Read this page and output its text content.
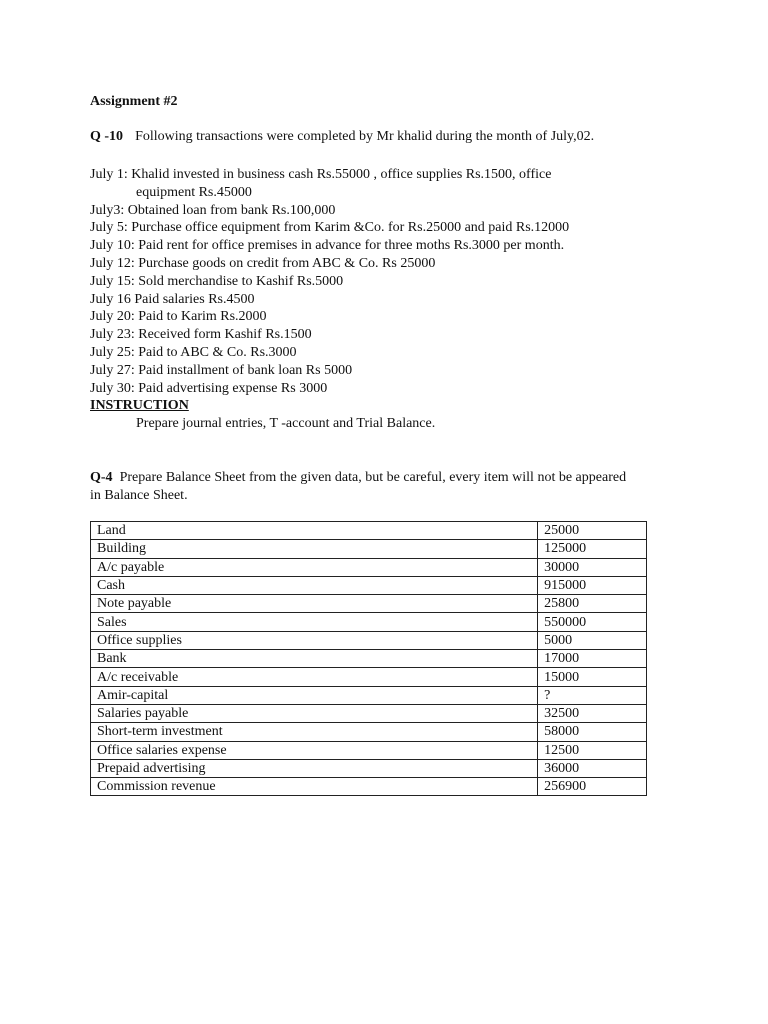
Assignment #2
Q -10 Following transactions were completed by Mr khalid during the month of July,02.
July 1: Khalid invested in business cash Rs.55000 , office supplies Rs.1500, office
equipment Rs.45000
July3: Obtained loan from bank Rs.100,000
July 5: Purchase office equipment from Karim &Co. for Rs.25000 and paid Rs.12000
July 10: Paid rent for office premises in advance for three moths Rs.3000 per month.
July 12: Purchase goods on credit from ABC & Co. Rs 25000
July 15: Sold merchandise to Kashif Rs.5000
July 16 Paid salaries Rs.4500
July 20: Paid to Karim Rs.2000
July 23: Received form Kashif Rs.1500
July 25: Paid to ABC & Co. Rs.3000
July 27: Paid installment of bank loan Rs 5000
July 30: Paid advertising expense Rs 3000
INSTRUCTION
Prepare journal entries, T -account and Trial Balance.
Q-4 Prepare Balance Sheet from the given data, but be careful, every item will not be appeared
in Balance Sheet.
Land	25000
Building	125000
A/c payable	30000
Cash	915000
Note payable	25800
Sales	550000
Office supplies	5000
Bank	17000
A/c receivable	15000
Amir-capital	?
Salaries payable	32500
Short-term investment	58000
Office salaries expense	12500
Prepaid advertising	36000
Commission revenue	256900
